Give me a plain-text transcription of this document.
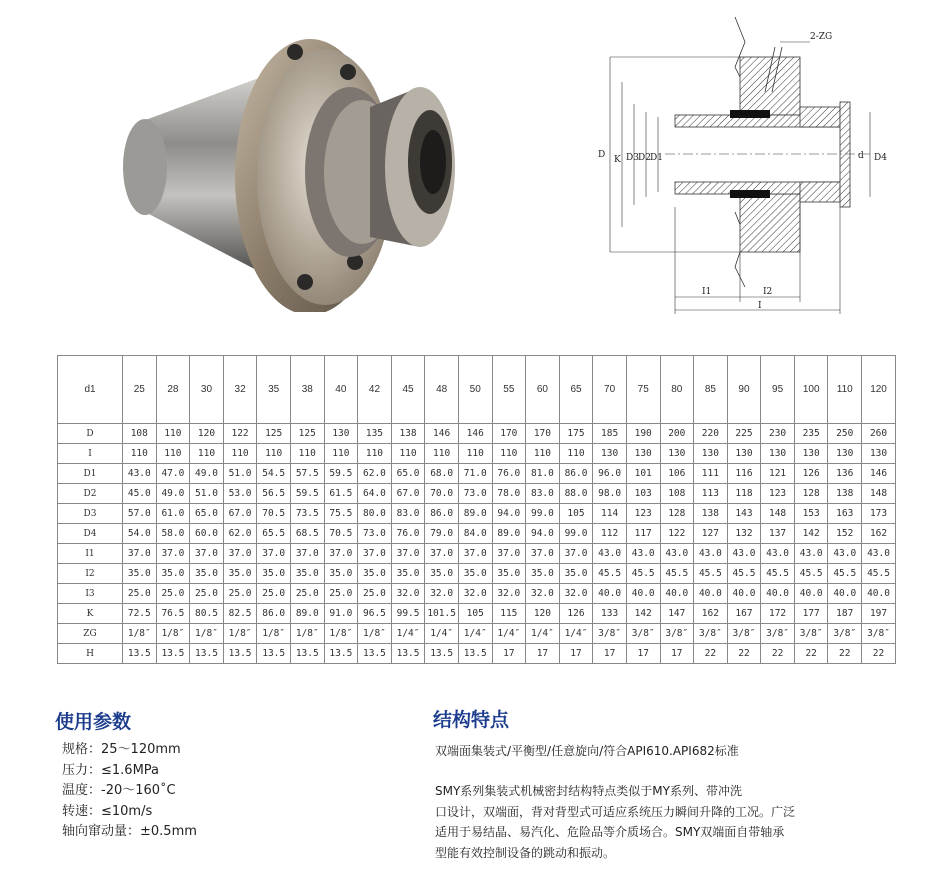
D K D3 D2 D1	d D4
2-ZG
I1	I2
I
d1	25	28	30	32	35	38	40	42	45	48	50	55	60	65	70	75	80	85	90	95	100	110	120
D	108	110	120	122	125	125	130	135	138	146	146	170	170	175	185	190	200	220	225	230	235	250	260
I	110	110	110	110	110	110	110	110	110	110	110	110	110	110	130	130	130	130	130	130	130	130	130
D1	43.0	47.0	49.0	51.0	54.5	57.5	59.5	62.0	65.0	68.0	71.0	76.0	81.0	86.0	96.0	101	106	111	116	121	126	136	146
D2	45.0	49.0	51.0	53.0	56.5	59.5	61.5	64.0	67.0	70.0	73.0	78.0	83.0	88.0	98.0	103	108	113	118	123	128	138	148
D3	57.0	61.0	65.0	67.0	70.5	73.5	75.5	80.0	83.0	86.0	89.0	94.0	99.0	105	114	123	128	138	143	148	153	163	173
D4	54.0	58.0	60.0	62.0	65.5	68.5	70.5	73.0	76.0	79.0	84.0	89.0	94.0	99.0	112	117	122	127	132	137	142	152	162
I1	37.0	37.0	37.0	37.0	37.0	37.0	37.0	37.0	37.0	37.0	37.0	37.0	37.0	37.0	43.0	43.0	43.0	43.0	43.0	43.0	43.0	43.0	43.0
I2	35.0	35.0	35.0	35.0	35.0	35.0	35.0	35.0	35.0	35.0	35.0	35.0	35.0	35.0	45.5	45.5	45.5	45.5	45.5	45.5	45.5	45.5	45.5
I3	25.0	25.0	25.0	25.0	25.0	25.0	25.0	25.0	32.0	32.0	32.0	32.0	32.0	32.0	40.0	40.0	40.0	40.0	40.0	40.0	40.0	40.0	40.0
K	72.5	76.5	80.5	82.5	86.0	89.0	91.0	96.5	99.5	101.5	105	115	120	126	133	142	147	162	167	172	177	187	197
ZG	1/8″	1/8″	1/8″	1/8″	1/8″	1/8″	1/8″	1/8″	1/4″	1/4″	1/4″	1/4″	1/4″	1/4″	3/8″	3/8″	3/8″	3/8″	3/8″	3/8″	3/8″	3/8″	3/8″
H	13.5	13.5	13.5	13.5	13.5	13.5	13.5	13.5	13.5	13.5	13.5	17	17	17	17	17	17	22	22	22	22	22	22
使用参数
规格：25～120mm
压力：≤1.6MPa
温度：-20～160˚C
转速：≤10m/s
轴向窜动量：±0.5mm
结构特点
双端面集装式/平衡型/任意旋向/符合API610.API682标准
SMY系列集装式机械密封结构特点类似于MY系列、带冲洗
口设计，双端面，背对背型式可适应系统压力瞬间升降的工况。广泛
适用于易结晶、易汽化、危险品等介质场合。SMY双端面自带轴承
型能有效控制设备的跳动和振动。
